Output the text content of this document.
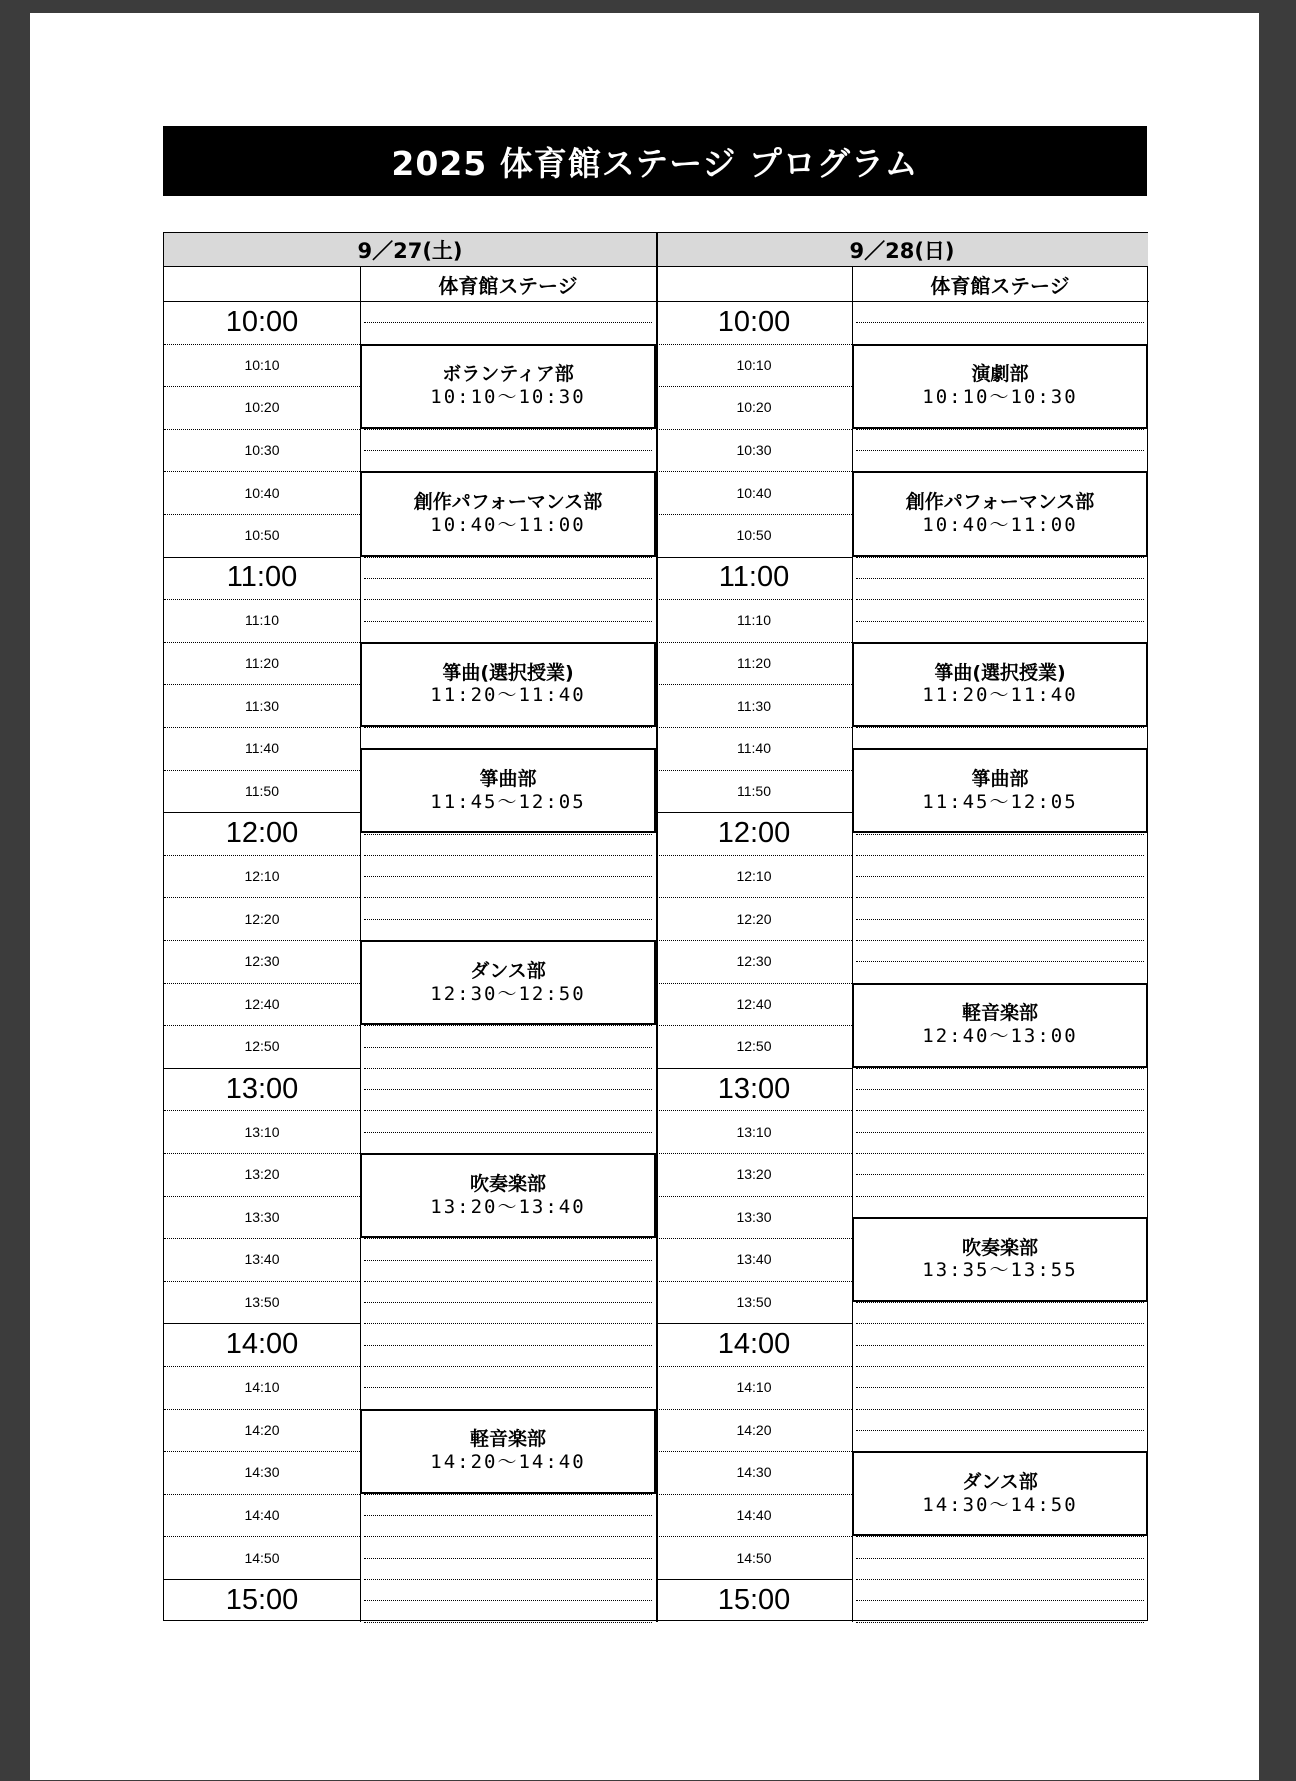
2025 体育館ステージ プログラム
9／27(土)
体育館ステージ
10:00
10:10
10:20
10:30
10:40
10:50
11:00
11:10
11:20
11:30
11:40
11:50
12:00
12:10
12:20
12:30
12:40
12:50
13:00
13:10
13:20
13:30
13:40
13:50
14:00
14:10
14:20
14:30
14:40
14:50
15:00
ボランティア部
10:10～10:30
創作パフォーマンス部
10:40～11:00
箏曲(選択授業)
11:20～11:40
箏曲部
11:45～12:05
ダンス部
12:30～12:50
吹奏楽部
13:20～13:40
軽音楽部
14:20～14:40
9／28(日)
体育館ステージ
10:00
10:10
10:20
10:30
10:40
10:50
11:00
11:10
11:20
11:30
11:40
11:50
12:00
12:10
12:20
12:30
12:40
12:50
13:00
13:10
13:20
13:30
13:40
13:50
14:00
14:10
14:20
14:30
14:40
14:50
15:00
演劇部
10:10～10:30
創作パフォーマンス部
10:40～11:00
箏曲(選択授業)
11:20～11:40
箏曲部
11:45～12:05
軽音楽部
12:40～13:00
吹奏楽部
13:35～13:55
ダンス部
14:30～14:50
